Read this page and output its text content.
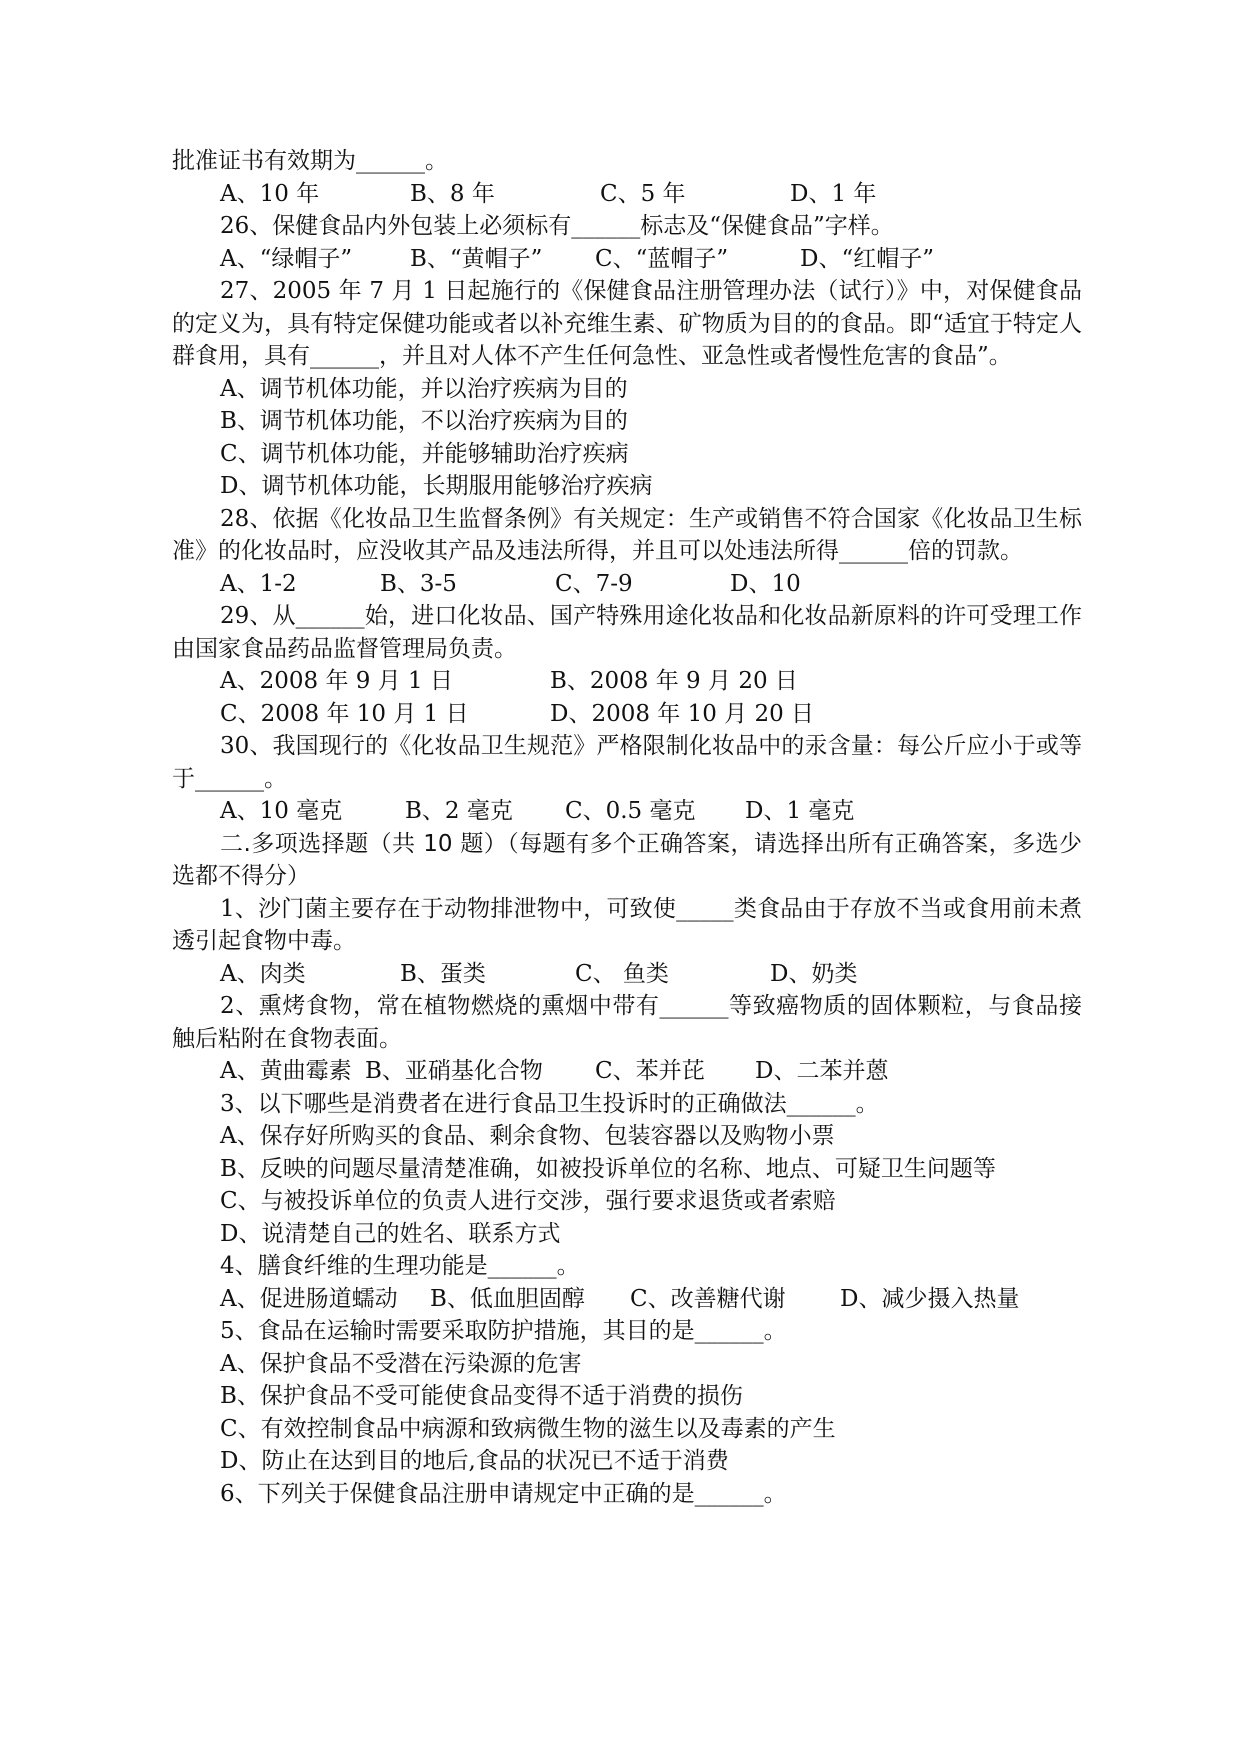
批准证书有效期为______。
A、10 年	B、8 年	C、5 年	D、1 年
26、保健食品内外包装上必须标有______标志及“保健食品”字样。
A、“绿帽子”	B、“黄帽子”	C、“蓝帽子”	D、“红帽子”
27、2005 年 7 月 1 日起施行的《保健食品注册管理办法（试行）》中，对保健食品的定义为，具有特定保健功能或者以补充维生素、矿物质为目的的食品。即“适宜于特定人群食用，具有______，并且对人体不产生任何急性、亚急性或者慢性危害的食品”。
A、调节机体功能，并以治疗疾病为目的
B、调节机体功能，不以治疗疾病为目的
C、调节机体功能，并能够辅助治疗疾病
D、调节机体功能，长期服用能够治疗疾病
28、依据《化妆品卫生监督条例》有关规定：生产或销售不符合国家《化妆品卫生标准》的化妆品时，应没收其产品及违法所得，并且可以处违法所得______倍的罚款。
A、1-2	B、3-5	C、7-9	D、10
29、从______始，进口化妆品、国产特殊用途化妆品和化妆品新原料的许可受理工作由国家食品药品监督管理局负责。
A、2008 年 9 月 1 日	B、2008 年 9 月 20 日
C、2008 年 10 月 1 日	D、2008 年 10 月 20 日
30、我国现行的《化妆品卫生规范》严格限制化妆品中的汞含量：每公斤应小于或等于______。
A、10 毫克	B、2 毫克	C、0.5 毫克	D、1 毫克
二.多项选择题（共 10 题）（每题有多个正确答案，请选择出所有正确答案，多选少选都不得分）
1、沙门菌主要存在于动物排泄物中，可致使_____类食品由于存放不当或食用前未煮透引起食物中毒。
A、肉类	B、蛋类	C、 鱼类	D、奶类
2、熏烤食物，常在植物燃烧的熏烟中带有______等致癌物质的固体颗粒，与食品接触后粘附在食物表面。
A、黄曲霉素 B、亚硝基化合物	C、苯并芘	D、二苯并蒽
3、以下哪些是消费者在进行食品卫生投诉时的正确做法______。
A、保存好所购买的食品、剩余食物、包装容器以及购物小票
B、反映的问题尽量清楚准确，如被投诉单位的名称、地点、可疑卫生问题等
C、与被投诉单位的负责人进行交涉，强行要求退货或者索赔
D、说清楚自己的姓名、联系方式
4、膳食纤维的生理功能是______。
A、促进肠道蠕动	B、低血胆固醇	C、改善糖代谢	D、减少摄入热量
5、食品在运输时需要采取防护措施，其目的是______。
A、保护食品不受潜在污染源的危害
B、保护食品不受可能使食品变得不适于消费的损伤
C、有效控制食品中病源和致病微生物的滋生以及毒素的产生
D、防止在达到目的地后,食品的状况已不适于消费
6、下列关于保健食品注册申请规定中正确的是______。
